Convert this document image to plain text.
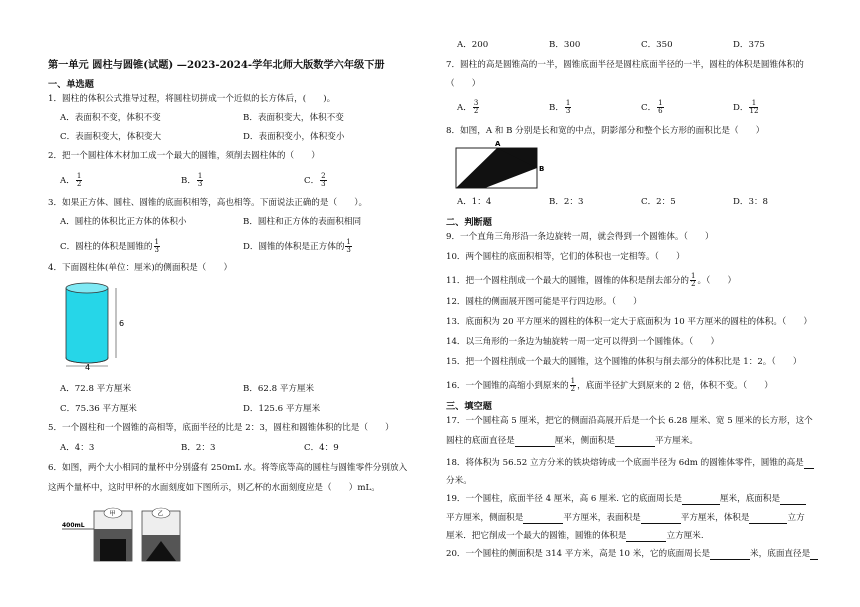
第一单元 圆柱与圆锥(试题) —2023-2024-学年北师大版数学六年级下册
一、单选题
1．圆柱的体积公式推导过程，将圆柱切拼成一个近似的长方体后，(　　)。
A．表面积不变，体积不变	B．表面积变大，体积不变
C．表面积变大，体积变大	D．表面积变小，体积变小
2．把一个圆柱体木材加工成一个最大的圆锥，须削去圆柱体的（　　）
A． $\frac{1}{2}$	B． $\frac{1}{3}$	C． $\frac{2}{3}$
3．如果正方体、圆柱、圆锥的底面积相等，高也相等。下面说法正确的是（　　）。
A．圆柱的体积比正方体的体积小	B．圆柱和正方体的表面积相同
C．圆柱的体积是圆锥的 $\frac{1}{3}$	D．圆锥的体积是正方体的 $\frac{1}{3}$
4．下面圆柱体(单位：厘米)的侧面积是（　　）
6
4
A．72.8 平方厘米	B．62.8 平方厘米
C．75.36 平方厘米	D．125.6 平方厘米
5．一个圆柱和一个圆锥的高相等，底面半径的比是 2：3，圆柱和圆锥体积的比是（　　）
A．4：3	B．2：3	C．4：9
6．如图，两个大小相同的量杯中分别盛有 250mL 水。将等底等高的圆柱与圆锥零件分别放入
这两个量杯中，这时甲杯的水面刻度如下图所示，则乙杯的水面刻度应是（　　）mL。
400mL
甲	乙
A．200	B．300	C．350	D．375
7．圆柱的高是圆锥高的一半，圆锥底面半径是圆柱底面半径的一半，圆柱的体积是圆锥体积的
（　　）
A． $\frac{3}{2}$	B． $\frac{1}{3}$	C． $\frac{1}{6}$	D． $\frac{1}{12}$
8．如图，A 和 B 分别是长和宽的中点，阴影部分和整个长方形的面积比是（　　）
A
B
A．1：4	B．2：3	C．2：5	D．3：8
二、判断题
9．一个直角三角形沿一条边旋转一周，就会得到一个圆锥体。（　　）
10．两个圆柱的底面积相等，它们的体积也一定相等。（　　）
11．把一个圆柱削成一个最大的圆锥，圆锥的体积是削去部分的 $\frac{1}{2}$ 。（　　）
12．圆柱的侧面展开图可能是平行四边形。（　　）
13．底面积为 20 平方厘米的圆柱的体积一定大于底面积为 10 平方厘米的圆柱的体积。（　　）
14．以三角形的一条边为轴旋转一周一定可以得到一个圆锥体。（　　）
15．把一个圆柱削成一个最大的圆锥，这个圆锥的体积与削去部分的体积比是 1：2。（　　）
16．一个圆锥的高缩小到原来的 $\frac{1}{2}$ ，底面半径扩大到原来的 2 倍，体积不变。（　　）
三、填空题
17．一个圆柱高 5 厘米，把它的侧面沿高展开后是一个长 6.28 厘米、宽 5 厘米的长方形，这个
圆柱的底面直径是	厘米，侧面积是	平方厘米。
18．将体积为 56.52 立方分米的铁块熔铸成一个底面半径为 6dm 的圆锥体零件，圆锥的高是
分米。
19．一个圆柱，底面半径 4 厘米，高 6 厘米. 它的底面周长是	厘米，底面积是
平方厘米，侧面积是	平方厘米，表面积是	平方厘米，体积是	立方
厘米．把它削成一个最大的圆锥，圆锥的体积是	立方厘米.
20．一个圆柱的侧面积是 314 平方米，高是 10 米，它的底面周长是	米，底面直径是
